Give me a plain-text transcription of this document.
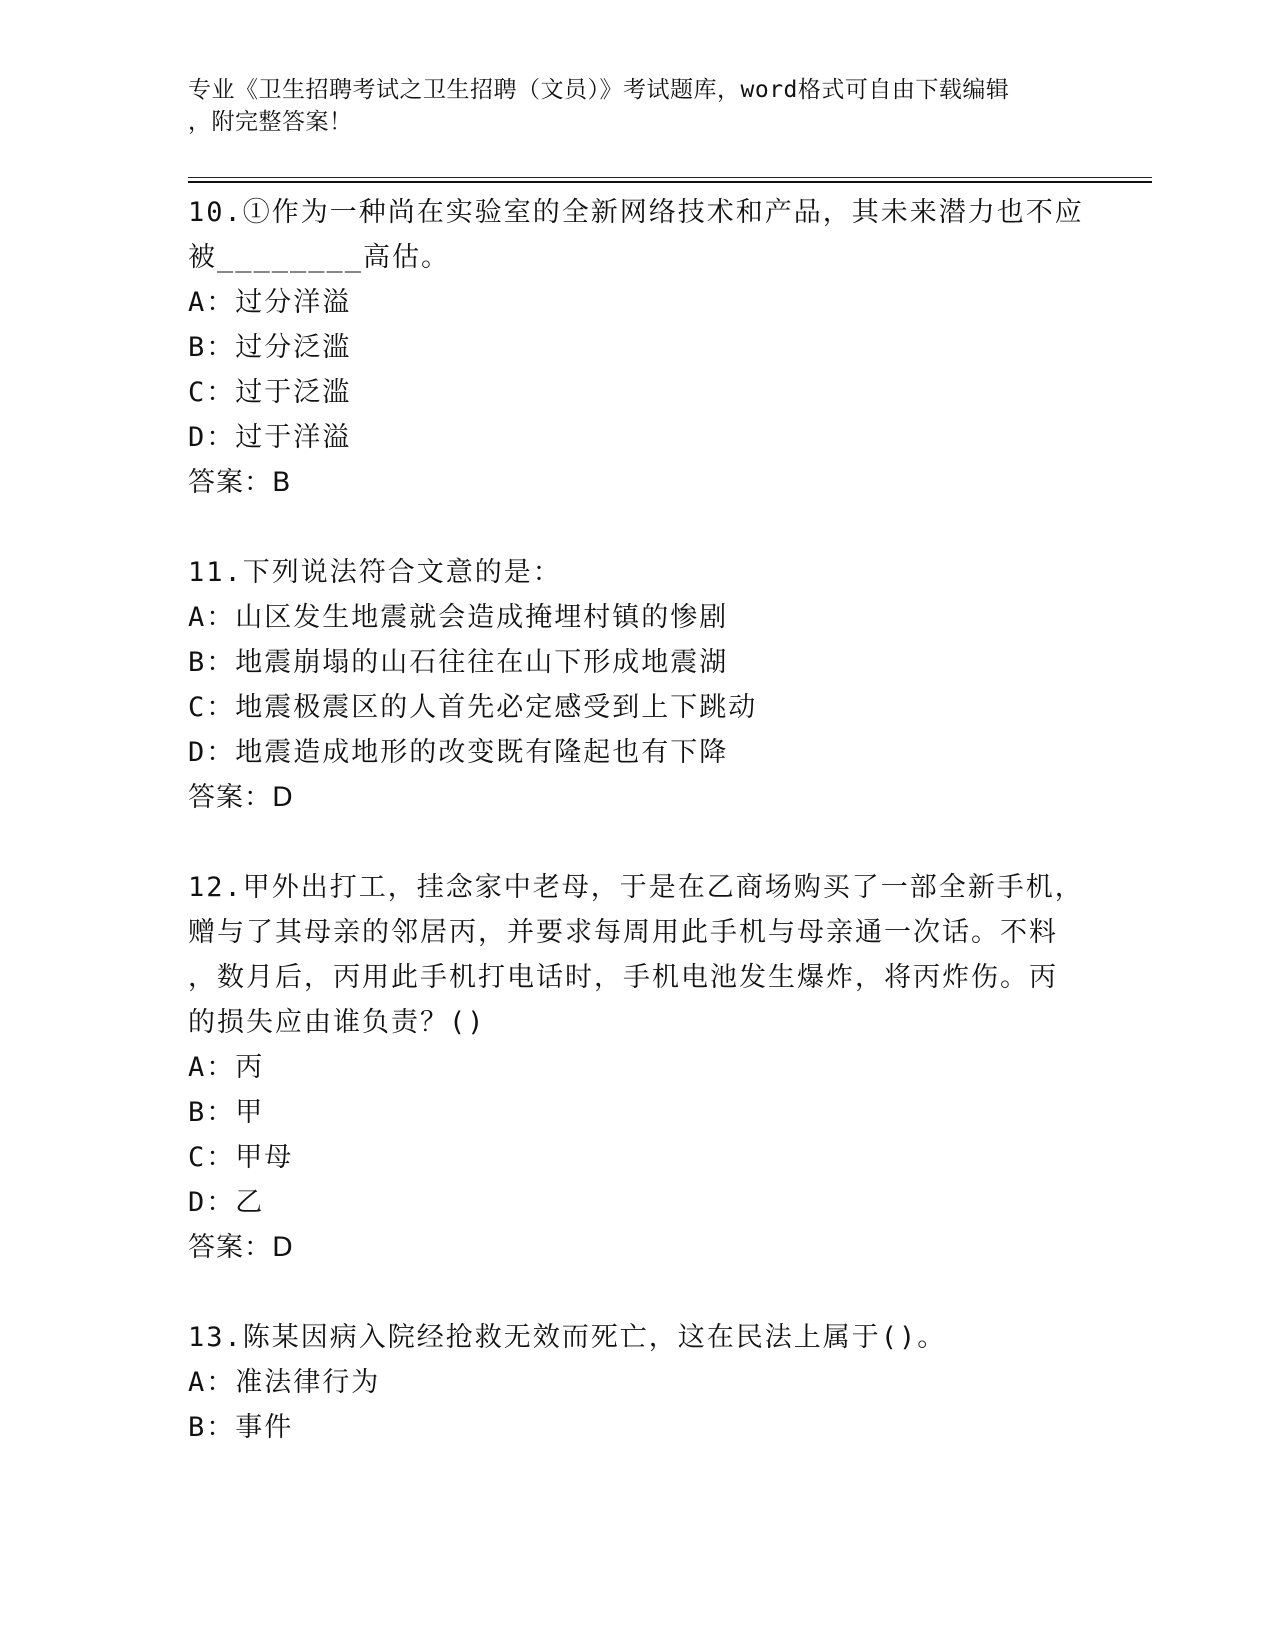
专业《卫生招聘考试之卫生招聘（文员）》考试题库，word格式可自由下载编辑
，附完整答案！
10.①作为一种尚在实验室的全新网络技术和产品，其未来潜力也不应
被________高估。
A：过分洋溢
B：过分泛滥
C：过于泛滥
D：过于洋溢
答案：B
11.下列说法符合文意的是：
A：山区发生地震就会造成掩埋村镇的惨剧
B：地震崩塌的山石往往在山下形成地震湖
C：地震极震区的人首先必定感受到上下跳动
D：地震造成地形的改变既有隆起也有下降
答案：D
12.甲外出打工，挂念家中老母，于是在乙商场购买了一部全新手机，
赠与了其母亲的邻居丙，并要求每周用此手机与母亲通一次话。不料
，数月后，丙用此手机打电话时，手机电池发生爆炸，将丙炸伤。丙
的损失应由谁负责？()
A：丙
B：甲
C：甲母
D：乙
答案：D
13.陈某因病入院经抢救无效而死亡，这在民法上属于()。
A：准法律行为
B：事件
